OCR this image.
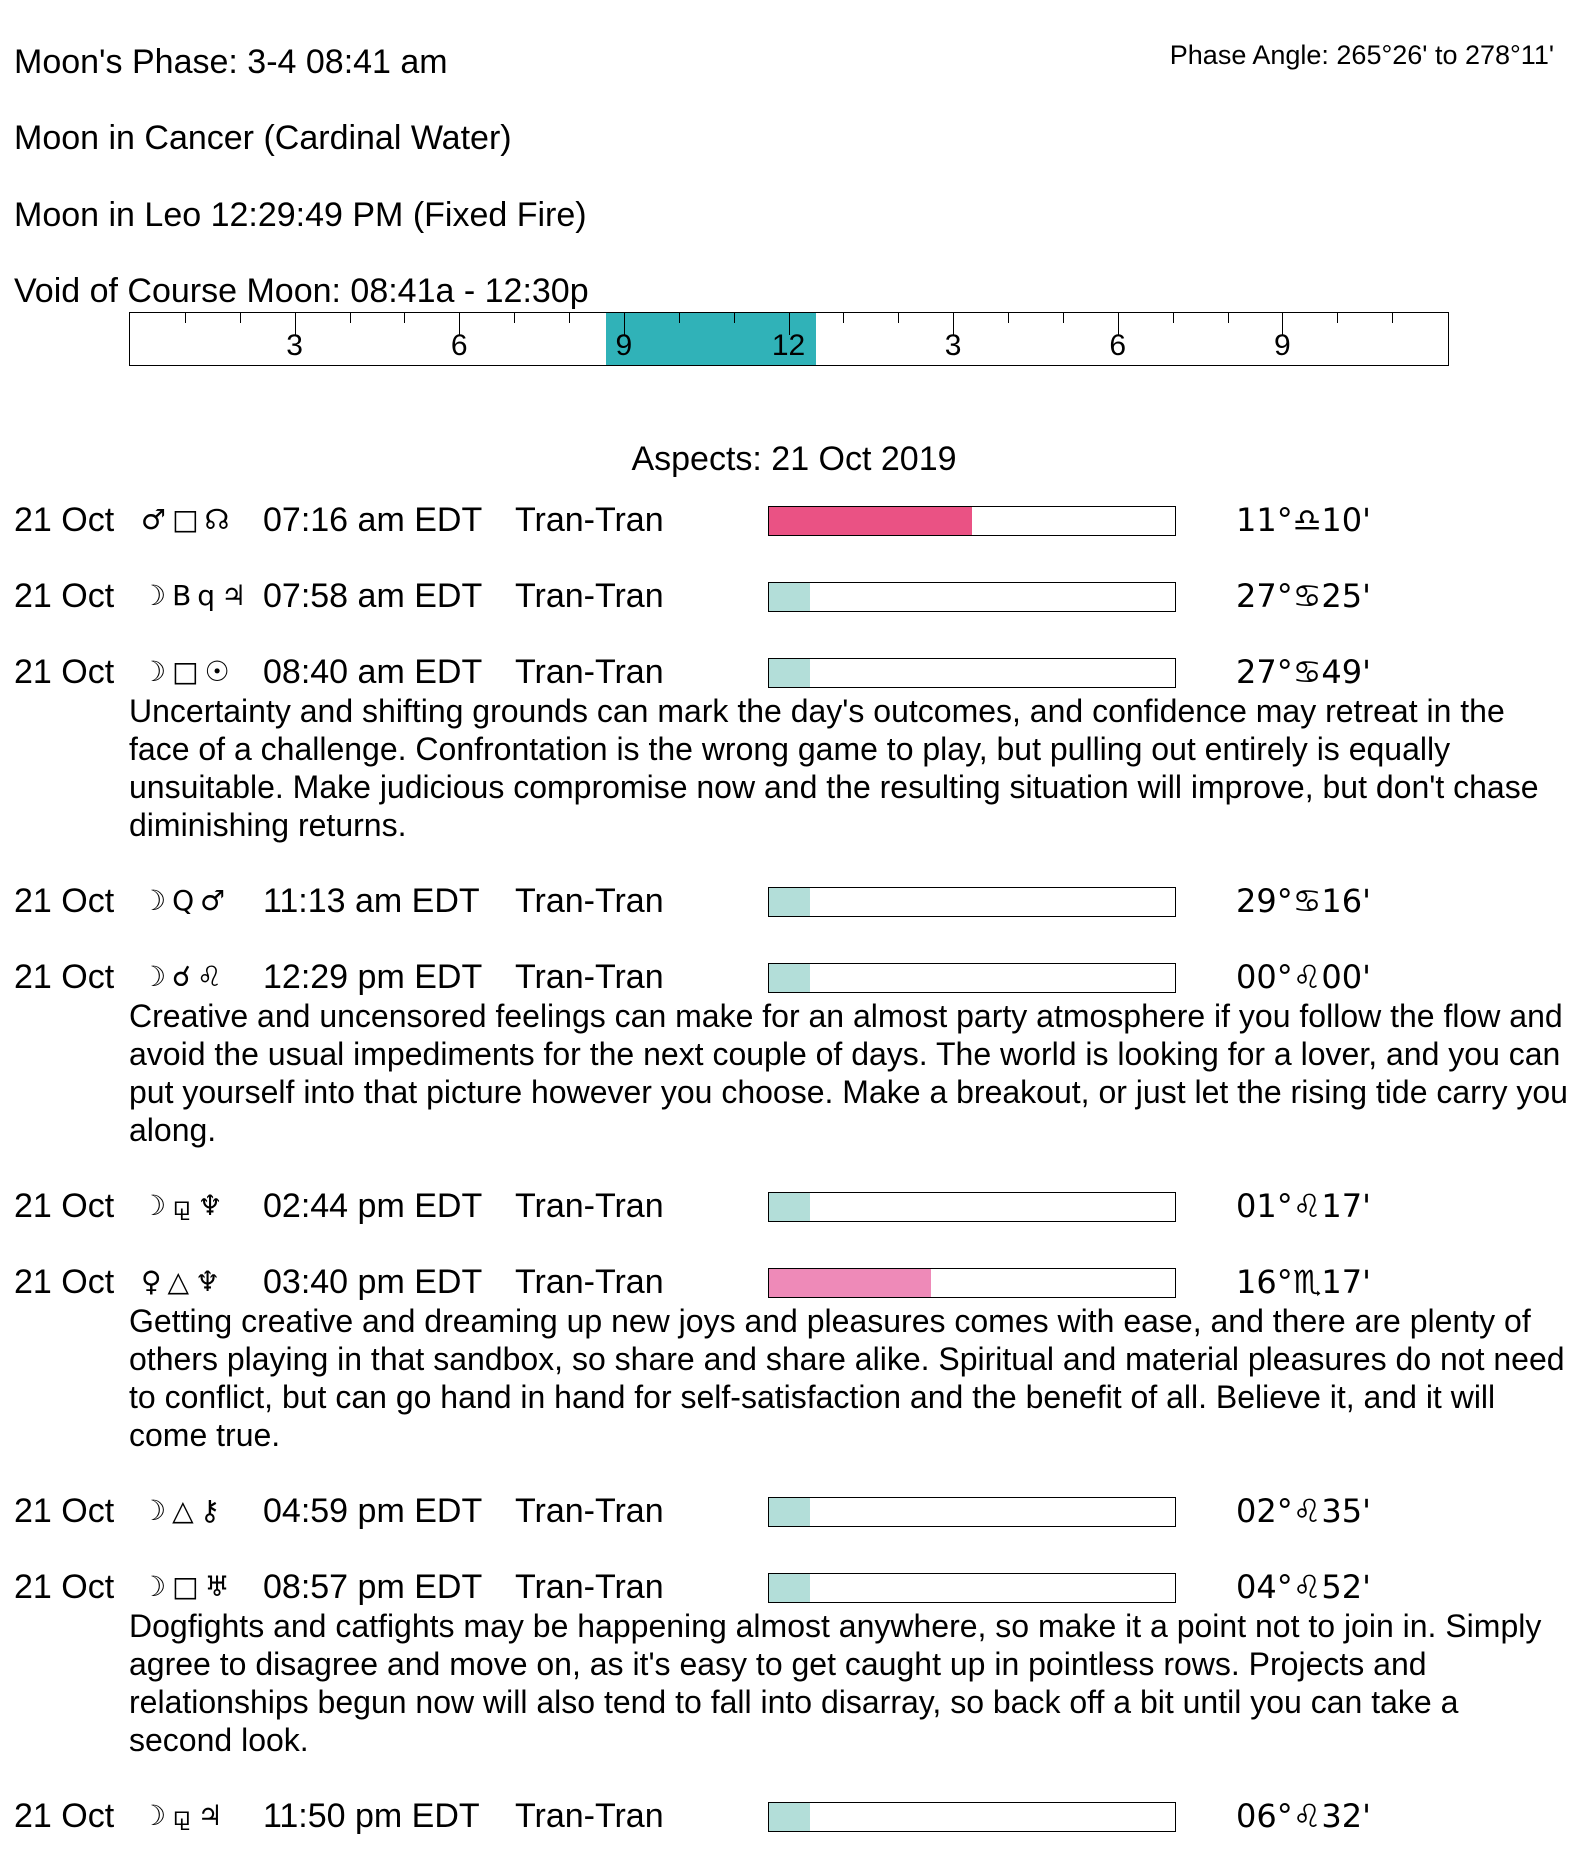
Moon's Phase: 3-4 08:41 am	Phase Angle: 265°26' to 278°11'
Moon in Cancer (Cardinal Water)
Moon in Leo 12:29:49 PM (Fixed Fire)
Void of Course Moon: 08:41a - 12:30p
3	6	9	12	3	6	9
Aspects: 21 Oct 2019
21 Oct ♂□☊ 07:16 am EDT Tran-Tran	11°♎10'
21 Oct ☽Bq♃ 07:58 am EDT Tran-Tran	27°♋25'
21 Oct ☽□☉ 08:40 am EDT Tran-Tran	27°♋49'
Uncertainty and shifting grounds can mark the day's outcomes, and confidence may retreat in the face of a challenge. Confrontation is the wrong game to play, but pulling out entirely is equally unsuitable. Make judicious compromise now and the resulting situation will improve, but don't chase diminishing returns.
21 Oct ☽Q♂ 11:13 am EDT Tran-Tran	29°♋16'
21 Oct ☽☌♌ 12:29 pm EDT Tran-Tran	00°♌00'
Creative and uncensored feelings can make for an almost party atmosphere if you follow the flow and avoid the usual impediments for the next couple of days. The world is looking for a lover, and you can put yourself into that picture however you choose. Make a breakout, or just let the rising tide carry you along.
21 Oct ☽⚼♆ 02:44 pm EDT Tran-Tran	01°♌17'
21 Oct ♀△♆ 03:40 pm EDT Tran-Tran	16°♏17'
Getting creative and dreaming up new joys and pleasures comes with ease, and there are plenty of others playing in that sandbox, so share and share alike. Spiritual and material pleasures do not need to conflict, but can go hand in hand for self-satisfaction and the benefit of all. Believe it, and it will come true.
21 Oct ☽△⚷ 04:59 pm EDT Tran-Tran	02°♌35'
21 Oct ☽□♅ 08:57 pm EDT Tran-Tran	04°♌52'
Dogfights and catfights may be happening almost anywhere, so make it a point not to join in. Simply agree to disagree and move on, as it's easy to get caught up in pointless rows. Projects and relationships begun now will also tend to fall into disarray, so back off a bit until you can take a second look.
21 Oct ☽⚼♃ 11:50 pm EDT Tran-Tran	06°♌32'
